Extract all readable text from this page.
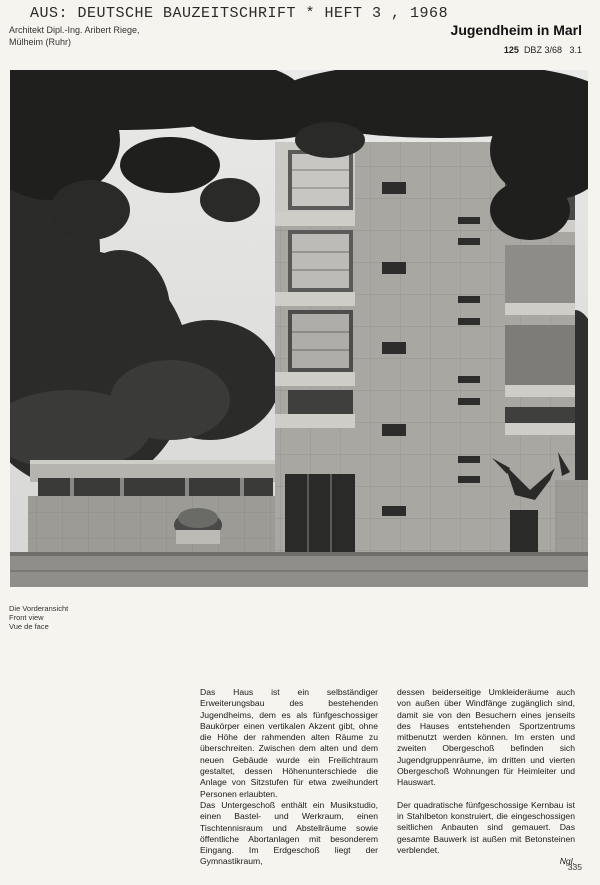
AUS: DEUTSCHE BAUZEITSCHRIFT * HEFT 3 , 1968
Architekt Dipl.-Ing. Aribert Riege,
Mülheim (Ruhr)
Jugendheim in Marl
125 DBZ 3/68 3.1
Die Vorderansicht
Front view
Vue de face

Das Haus ist ein selbständiger Erweiterungsbau des bestehenden Jugendheims, dem es als fünfgeschossiger Baukörper einen vertikalen Akzent gibt, ohne die Höhe der rahmenden alten Räume zu überschreiten. Zwischen dem alten und dem neuen Gebäude wurde ein Freilichtraum gestaltet, dessen Höhenunterschiede die Anlage von Sitzstufen für etwa zweihundert Personen erlaubten.

Das Untergeschoß enthält ein Musikstudio, einen Bastel- und Werkraum, einen Tischtennisraum und Abstellräume sowie öffentliche Abortanlagen mit besonderem Eingang. Im Erdgeschoß liegt der Gymnastikraum,

dessen beiderseitige Umkleideräume auch von außen über Windfänge zugänglich sind, damit sie von den Besuchern eines jenseits des Hauses entstehenden Sportzentrums mitbenutzt werden können. Im ersten und zweiten Obergeschoß befinden sich Jugendgruppenräume, im dritten und vierten Obergeschoß Wohnungen für Heimleiter und Hauswart.

Der quadratische fünfgeschossige Kernbau ist in Stahlbeton konstruiert, die eingeschossigen seitlichen Anbauten sind gemauert. Das gesamte Bauwerk ist außen mit Betonsteinen verblendet.

Ngl.

335
